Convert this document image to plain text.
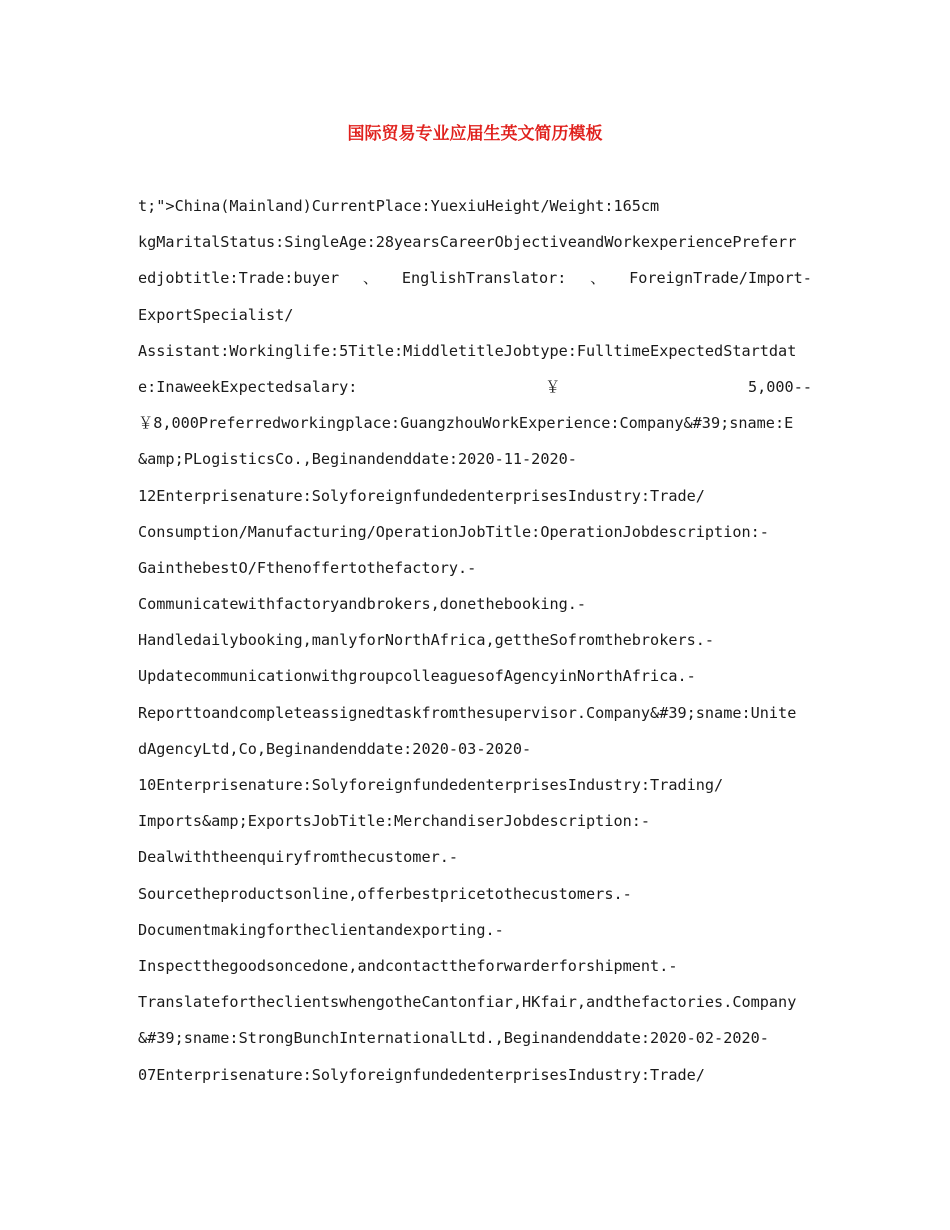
国际贸易专业应届生英文简历模板
t;">China(Mainland)CurrentPlace:YuexiuHeight/Weight:165cm
kgMaritalStatus:SingleAge:28yearsCareerObjectiveandWorkexperiencePreferr
edjobtitle:Trade:buyer 、 EnglishTranslator: 、 ForeignTrade/Import-
ExportSpecialist/
Assistant:Workinglife:5Title:MiddletitleJobtype:FulltimeExpectedStartdat
e:InaweekExpectedsalary:	￥	5,000--
￥8,000Preferredworkingplace:GuangzhouWorkExperience:Company&#39;sname:E
&amp;PLogisticsCo.,Beginandenddate:2020-11-2020-
12Enterprisenature:SolyforeignfundedenterprisesIndustry:Trade/
Consumption/Manufacturing/OperationJobTitle:OperationJobdescription:-
GainthebestO/Fthenoffertothefactory.-
Communicatewithfactoryandbrokers,donethebooking.-
Handledailybooking,manlyforNorthAfrica,gettheSofromthebrokers.-
UpdatecommunicationwithgroupcolleaguesofAgencyinNorthAfrica.-
Reporttoandcompleteassignedtaskfromthesupervisor.Company&#39;sname:Unite
dAgencyLtd,Co,Beginandenddate:2020-03-2020-
10Enterprisenature:SolyforeignfundedenterprisesIndustry:Trading/
Imports&amp;ExportsJobTitle:MerchandiserJobdescription:-
Dealwiththeenquiryfromthecustomer.-
Sourcetheproductsonline,offerbestpricetothecustomers.-
Documentmakingfortheclientandexporting.-
Inspectthegoodsoncedone,andcontacttheforwarderforshipment.-
TranslatefortheclientswhengotheCantonfiar,HKfair,andthefactories.Company
&#39;sname:StrongBunchInternationalLtd.,Beginandenddate:2020-02-2020-
07Enterprisenature:SolyforeignfundedenterprisesIndustry:Trade/
